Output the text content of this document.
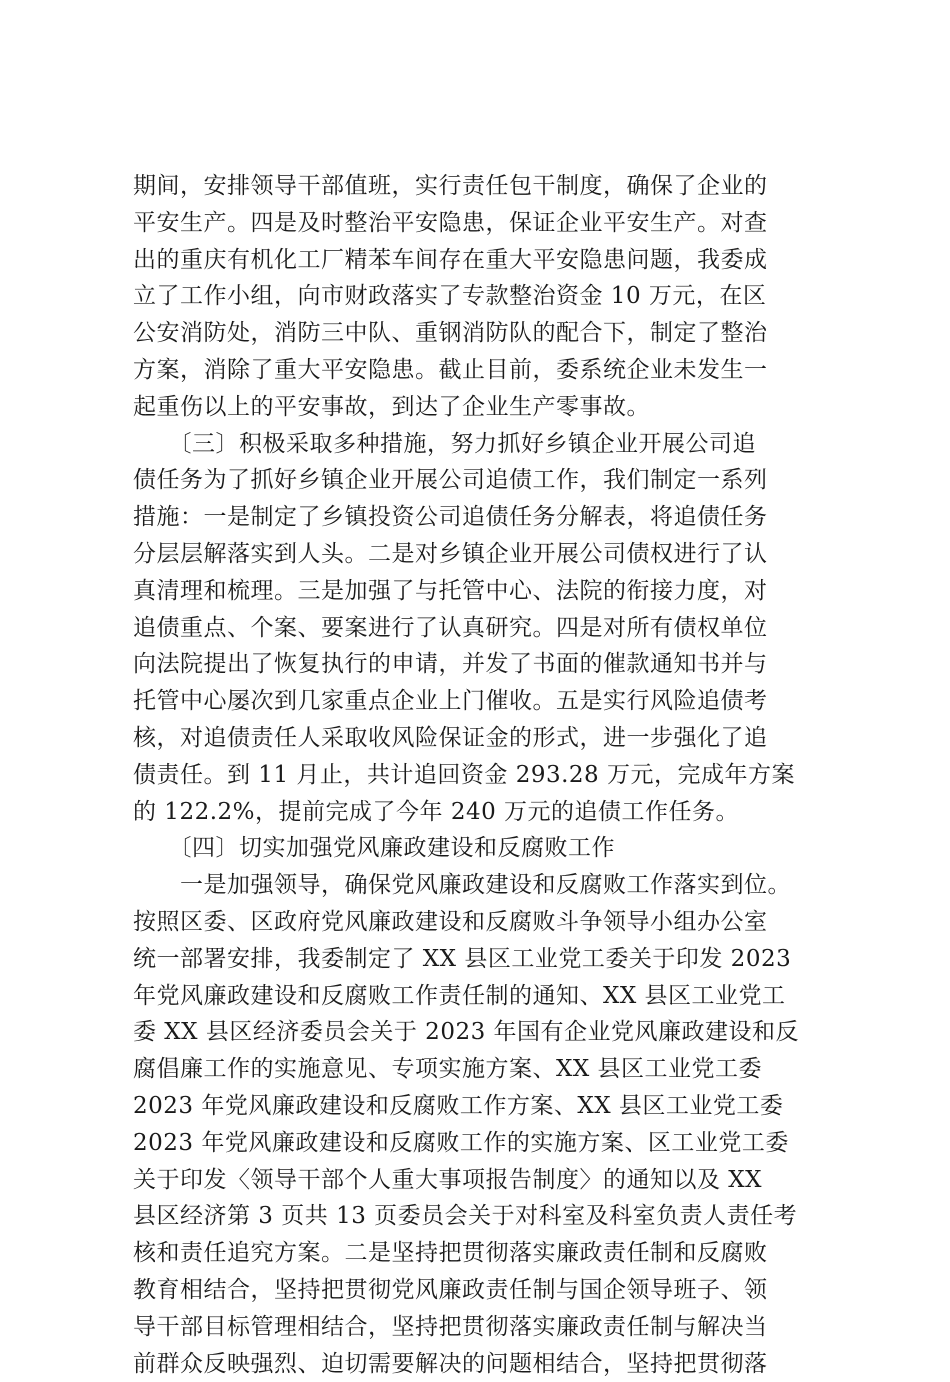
期间，安排领导干部值班，实行责任包干制度，确保了企业的
平安生产。四是及时整治平安隐患，保证企业平安生产。对查
出的重庆有机化工厂精苯车间存在重大平安隐患问题，我委成
立了工作小组，向市财政落实了专款整治资金 10 万元，在区
公安消防处，消防三中队、重钢消防队的配合下，制定了整治
方案，消除了重大平安隐患。截止目前，委系统企业未发生一
起重伤以上的平安事故，到达了企业生产零事故。
　　〔三〕积极采取多种措施，努力抓好乡镇企业开展公司追
债任务为了抓好乡镇企业开展公司追债工作，我们制定一系列
措施：一是制定了乡镇投资公司追债任务分解表，将追债任务
分层层解落实到人头。二是对乡镇企业开展公司债权进行了认
真清理和梳理。三是加强了与托管中心、法院的衔接力度，对
追债重点、个案、要案进行了认真研究。四是对所有债权单位
向法院提出了恢复执行的申请，并发了书面的催款通知书并与
托管中心屡次到几家重点企业上门催收。五是实行风险追债考
核，对追债责任人采取收风险保证金的形式，进一步强化了追
债责任。到 11 月止，共计追回资金 293.28 万元，完成年方案
的 122.2%，提前完成了今年 240 万元的追债工作任务。
　　〔四〕切实加强党风廉政建设和反腐败工作
　　一是加强领导，确保党风廉政建设和反腐败工作落实到位。
按照区委、区政府党风廉政建设和反腐败斗争领导小组办公室
统一部署安排，我委制定了 XX 县区工业党工委关于印发 2023
年党风廉政建设和反腐败工作责任制的通知、XX 县区工业党工
委 XX 县区经济委员会关于 2023 年国有企业党风廉政建设和反
腐倡廉工作的实施意见、专项实施方案、XX 县区工业党工委
2023 年党风廉政建设和反腐败工作方案、XX 县区工业党工委
2023 年党风廉政建设和反腐败工作的实施方案、区工业党工委
关于印发〈领导干部个人重大事项报告制度〉的通知以及 XX
县区经济第 3 页共 13 页委员会关于对科室及科室负责人责任考
核和责任追究方案。二是坚持把贯彻落实廉政责任制和反腐败
教育相结合，坚持把贯彻党风廉政责任制与国企领导班子、领
导干部目标管理相结合，坚持把贯彻落实廉政责任制与解决当
前群众反映强烈、迫切需要解决的问题相结合，坚持把贯彻落
